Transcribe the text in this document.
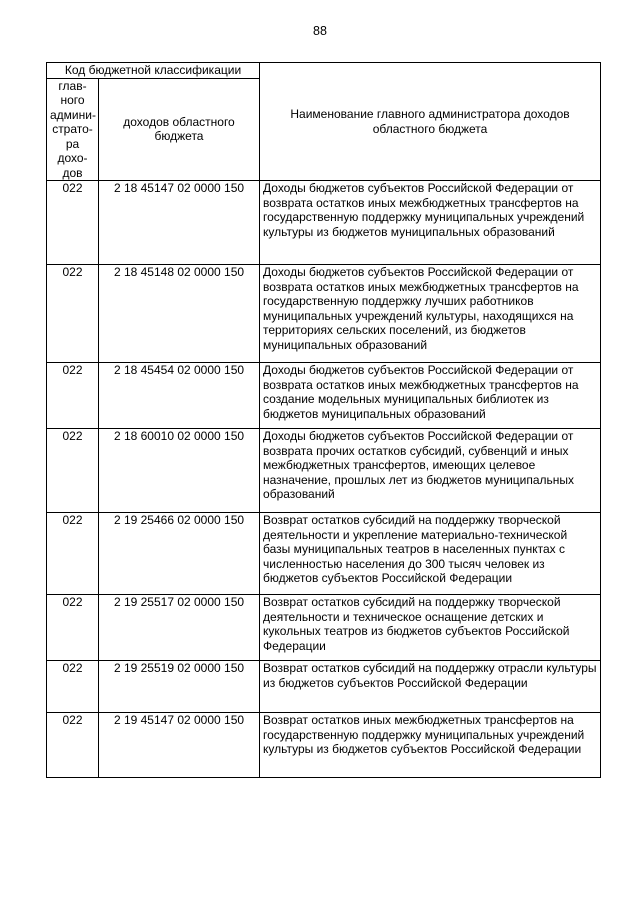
88
Код бюджетной классификации		Наименование главного администратора доходов областного бюджета
глав-ного админи-страто-ра дохо-дов	доходов областного бюджета	
022	2 18 45147 02 0000 150	Доходы бюджетов субъектов Российской Федерации от возврата остатков иных межбюджетных трансфертов на государственную поддержку муниципальных учреждений культуры из бюджетов муниципальных образований
022	2 18 45148 02 0000 150	Доходы бюджетов субъектов Российской Федерации от возврата остатков иных межбюджетных трансфертов на государственную поддержку лучших работников муниципальных учреждений культуры, находящихся на территориях сельских поселений, из бюджетов муниципальных образований
022	2 18 45454 02 0000 150	Доходы бюджетов субъектов Российской Федерации от возврата остатков иных межбюджетных трансфертов на создание модельных муниципальных библиотек из бюджетов муниципальных образований
022	2 18 60010 02 0000 150	Доходы бюджетов субъектов Российской Федерации от возврата прочих остатков субсидий, субвенций и иных межбюджетных трансфертов, имеющих целевое назначение, прошлых лет из бюджетов муниципальных образований
022	2 19 25466 02 0000 150	Возврат остатков субсидий на поддержку творческой деятельности и укрепление материально-технической базы муниципальных театров в населенных пунктах с численностью населения до 300 тысяч человек из бюджетов субъектов Российской Федерации
022	2 19 25517 02 0000 150	Возврат остатков субсидий на поддержку творческой деятельности и техническое оснащение детских и кукольных театров из бюджетов субъектов Российской Федерации
022	2 19 25519 02 0000 150	Возврат остатков субсидий на поддержку отрасли культуры из бюджетов субъектов Российской Федерации
022	2 19 45147 02 0000 150	Возврат остатков иных межбюджетных трансфертов на государственную поддержку муниципальных учреждений культуры из бюджетов субъектов Российской Федерации
